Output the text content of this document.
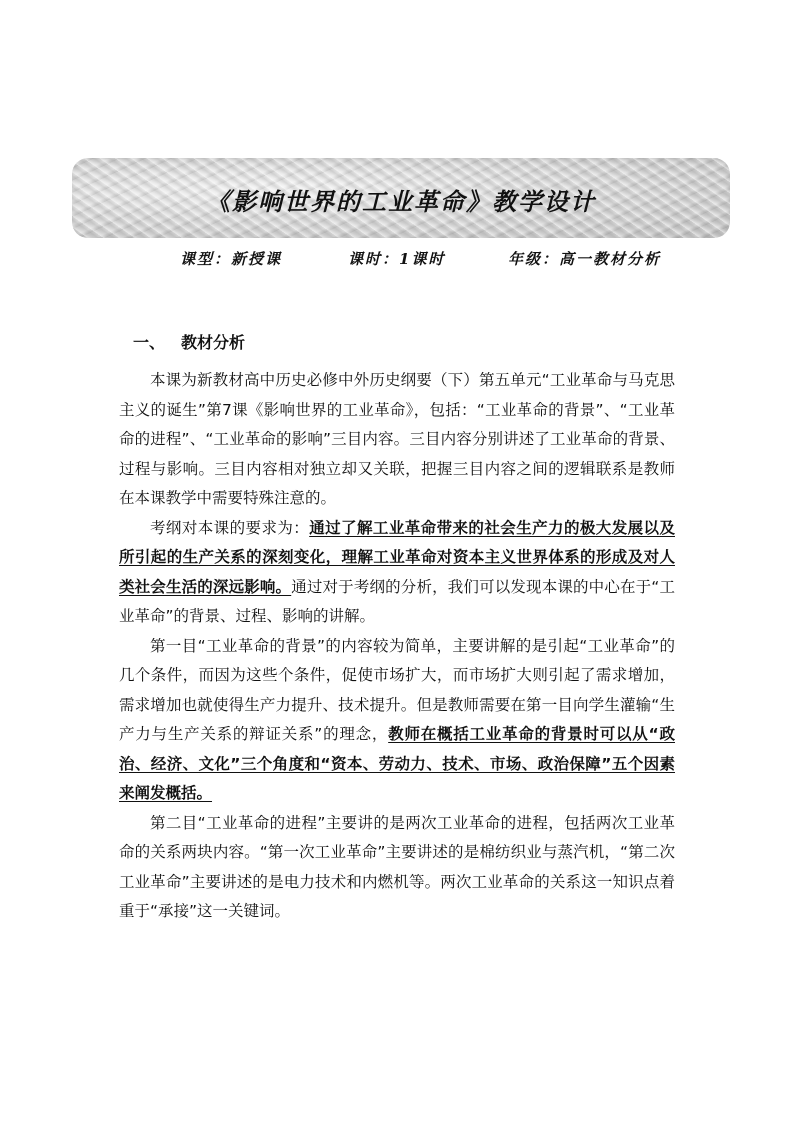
《影响世界的工业革命》教学设计
课型：新授课	课时：1课时	年级：高一教材分析
一、 教材分析

本课为新教材高中历史必修中外历史纲要（下）第五单元“工业革命与马克思主义的诞生”第7课《影响世界的工业革命》，包括：“工业革命的背景”、“工业革命的进程”、“工业革命的影响”三目内容。三目内容分别讲述了工业革命的背景、过程与影响。三目内容相对独立却又关联，把握三目内容之间的逻辑联系是教师在本课教学中需要特殊注意的。

考纲对本课的要求为：通过了解工业革命带来的社会生产力的极大发展以及所引起的生产关系的深刻变化，理解工业革命对资本主义世界体系的形成及对人类社会生活的深远影响。通过对于考纲的分析，我们可以发现本课的中心在于“工业革命”的背景、过程、影响的讲解。

第一目“工业革命的背景”的内容较为简单，主要讲解的是引起“工业革命”的几个条件，而因为这些个条件，促使市场扩大，而市场扩大则引起了需求增加，需求增加也就使得生产力提升、技术提升。但是教师需要在第一目向学生灌输“生产力与生产关系的辩证关系”的理念，教师在概括工业革命的背景时可以从“政治、经济、文化”三个角度和“资本、劳动力、技术、市场、政治保障”五个因素来阐发概括。

第二目“工业革命的进程”主要讲的是两次工业革命的进程，包括两次工业革命的关系两块内容。“第一次工业革命”主要讲述的是棉纺织业与蒸汽机，“第二次工业革命”主要讲述的是电力技术和内燃机等。两次工业革命的关系这一知识点着重于“承接”这一关键词。
